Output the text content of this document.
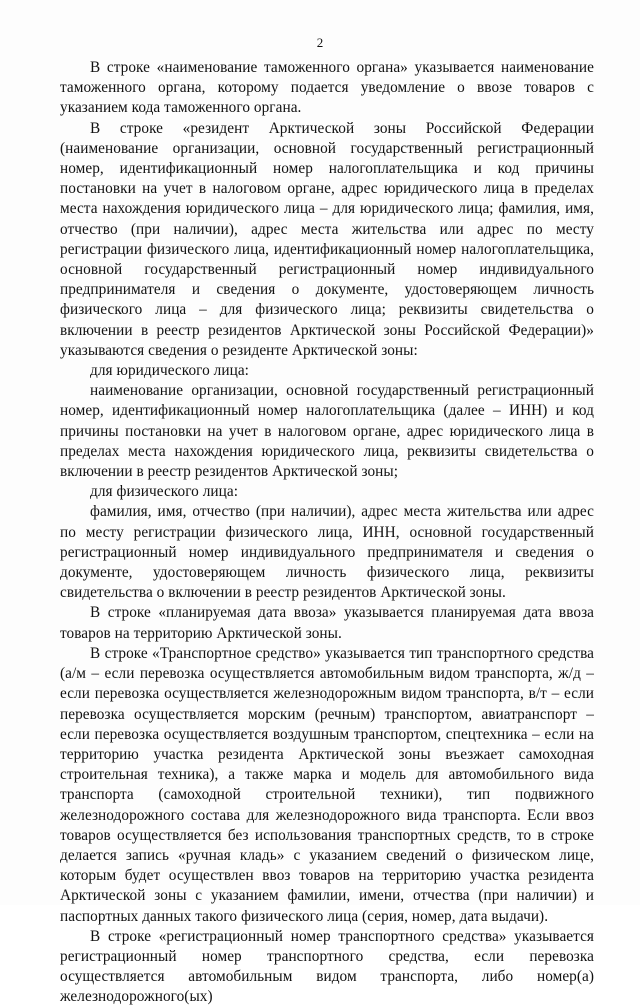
2

В строке «наименование таможенного органа» указывается наименование таможенного органа, которому подается уведомление о ввозе товаров с указанием кода таможенного органа.

В строке «резидент Арктической зоны Российской Федерации (наименование организации, основной государственный регистрационный номер, идентификационный номер налогоплательщика и код причины постановки на учет в налоговом органе, адрес юридического лица в пределах места нахождения юридического лица – для юридического лица; фамилия, имя, отчество (при наличии), адрес места жительства или адрес по месту регистрации физического лица, идентификационный номер налогоплательщика, основной государственный регистрационный номер индивидуального предпринимателя и сведения о документе, удостоверяющем личность физического лица – для физического лица; реквизиты свидетельства о включении в реестр резидентов Арктической зоны Российской Федерации)» указываются сведения о резиденте Арктической зоны:

для юридического лица:

наименование организации, основной государственный регистрационный номер, идентификационный номер налогоплательщика (далее – ИНН) и код причины постановки на учет в налоговом органе, адрес юридического лица в пределах места нахождения юридического лица, реквизиты свидетельства о включении в реестр резидентов Арктической зоны;

для физического лица:

фамилия, имя, отчество (при наличии), адрес места жительства или адрес по месту регистрации физического лица, ИНН, основной государственный регистрационный номер индивидуального предпринимателя и сведения о документе, удостоверяющем личность физического лица, реквизиты свидетельства о включении в реестр резидентов Арктической зоны.

В строке «планируемая дата ввоза» указывается планируемая дата ввоза товаров на территорию Арктической зоны.

В строке «Транспортное средство» указывается тип транспортного средства (а/м – если перевозка осуществляется автомобильным видом транспорта, ж/д – если перевозка осуществляется железнодорожным видом транспорта, в/т – если перевозка осуществляется морским (речным) транспортом, авиатранспорт – если перевозка осуществляется воздушным транспортом, спецтехника – если на территорию участка резидента Арктической зоны въезжает самоходная строительная техника), а также марка и модель для автомобильного вида транспорта (самоходной строительной техники), тип подвижного железнодорожного состава для железнодорожного вида транспорта. Если ввоз товаров осуществляется без использования транспортных средств, то в строке делается запись «ручная кладь» с указанием сведений о физическом лице, которым будет осуществлен ввоз товаров на территорию участка резидента Арктической зоны с указанием фамилии, имени, отчества (при наличии) и паспортных данных такого физического лица (серия, номер, дата выдачи).

В строке «регистрационный номер транспортного средства» указывается регистрационный номер транспортного средства, если перевозка осуществляется автомобильным видом транспорта, либо номер(а) железнодорожного(ых)
